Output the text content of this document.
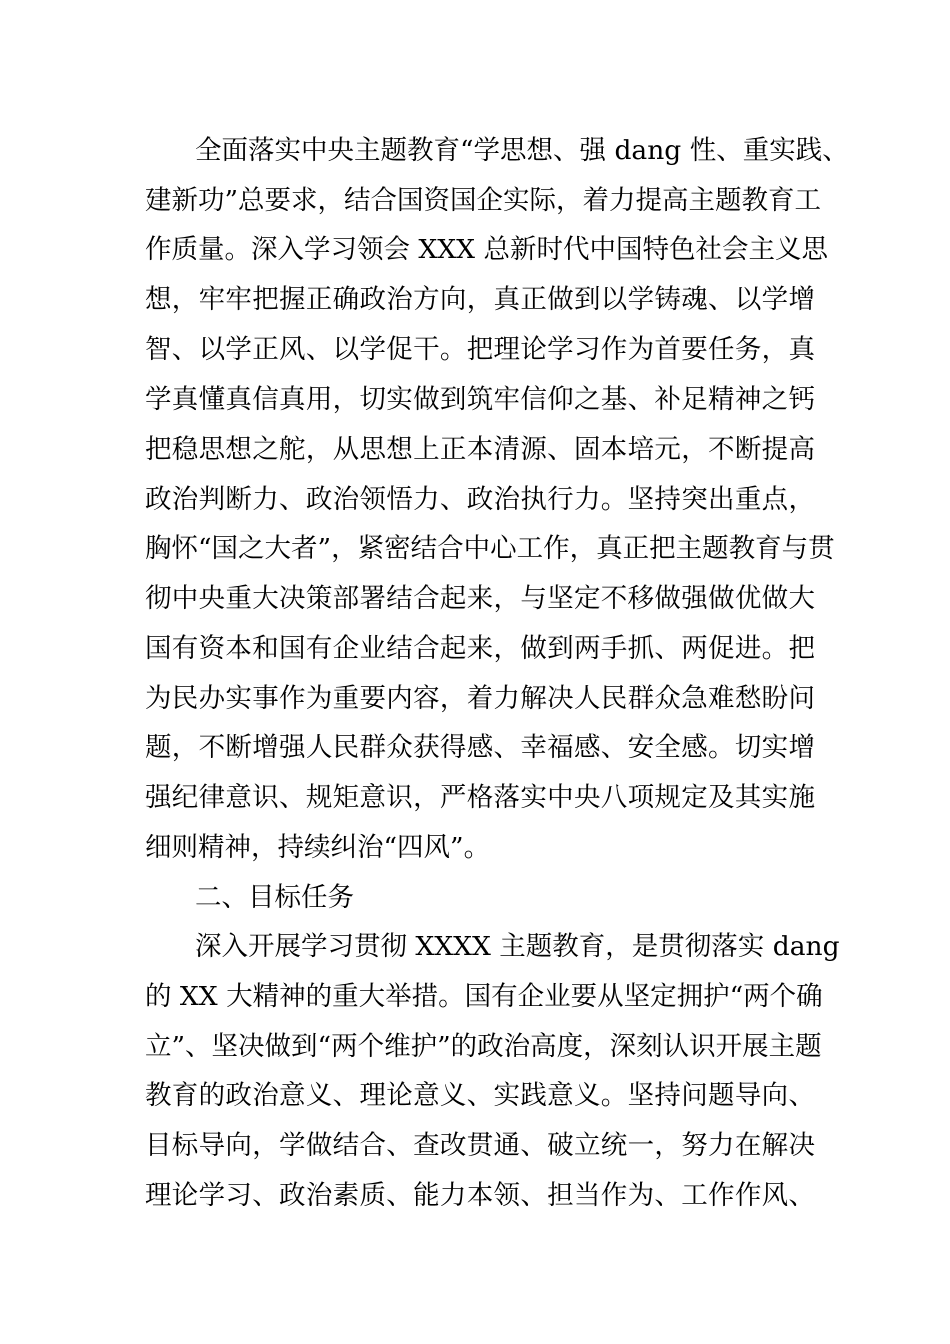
全面落实中央主题教育“学思想、强 dang 性、重实践、
建新功”总要求，结合国资国企实际，着力提高主题教育工
作质量。深入学习领会 XXX 总新时代中国特色社会主义思
想，牢牢把握正确政治方向，真正做到以学铸魂、以学增
智、以学正风、以学促干。把理论学习作为首要任务，真
学真懂真信真用，切实做到筑牢信仰之基、补足精神之钙
把稳思想之舵，从思想上正本清源、固本培元，不断提高
政治判断力、政治领悟力、政治执行力。坚持突出重点，
胸怀“国之大者”，紧密结合中心工作，真正把主题教育与贯
彻中央重大决策部署结合起来，与坚定不移做强做优做大
国有资本和国有企业结合起来，做到两手抓、两促进。把
为民办实事作为重要内容，着力解决人民群众急难愁盼问
题，不断增强人民群众获得感、幸福感、安全感。切实增
强纪律意识、规矩意识，严格落实中央八项规定及其实施
细则精神，持续纠治“四风”。
二、目标任务
深入开展学习贯彻 XXXX 主题教育，是贯彻落实 dang
的 XX 大精神的重大举措。国有企业要从坚定拥护“两个确
立”、坚决做到“两个维护”的政治高度，深刻认识开展主题
教育的政治意义、理论意义、实践意义。坚持问题导向、
目标导向，学做结合、查改贯通、破立统一，努力在解决
理论学习、政治素质、能力本领、担当作为、工作作风、
